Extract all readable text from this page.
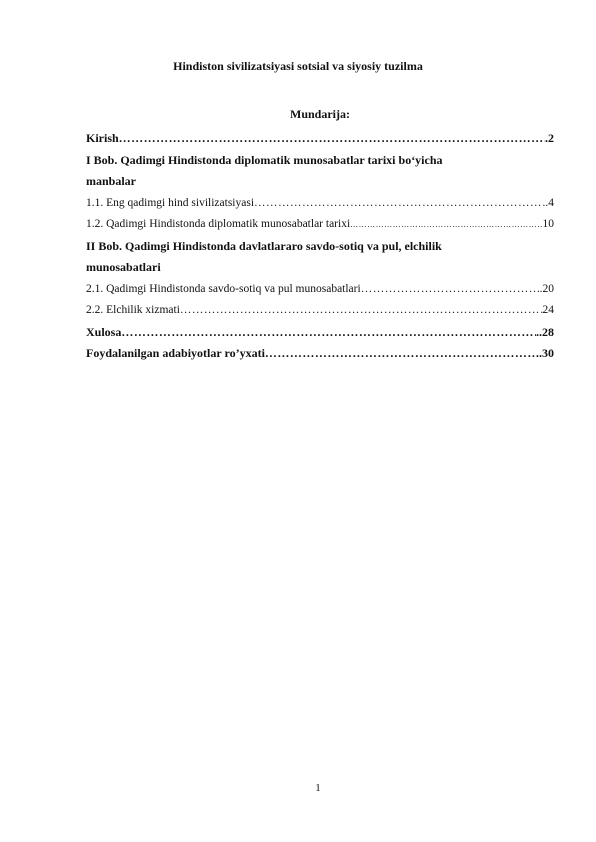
Hindiston sivilizatsiyasi sotsial va siyosiy tuzilma
Mundarija:
Kirish ……………………………………………………………………………………………………………………………………………………	.2
I Bob. Qadimgi Hindistonda diplomatik munosabatlar tarixi bo‘yicha
manbalar
1.1. Eng qadimgi hind sivilizatsiyasi ……………………………………………………………………………………………………………………………………………………	.4
1.2. Qadimgi Hindistonda diplomatik munosabatlar tarixi ……………………………………………………………………………………………………………………………………………………	10
II Bob. Qadimgi Hindistonda davlatlararo savdo-sotiq va pul, elchilik
munosabatlari
2.1. Qadimgi Hindistonda savdo-sotiq va pul munosabatlari ……………………………………………………………………………………………………………………………………………………	.20
2.2. Elchilik xizmati ……………………………………………………………………………………………………………………………………………………	24
Xulosa ……………………………………………………………………………………………………………………………………………………	..28
Foydalanilgan adabiyotlar ro’yxati ……………………………………………………………………………………………………………………………………………………	.30
1
